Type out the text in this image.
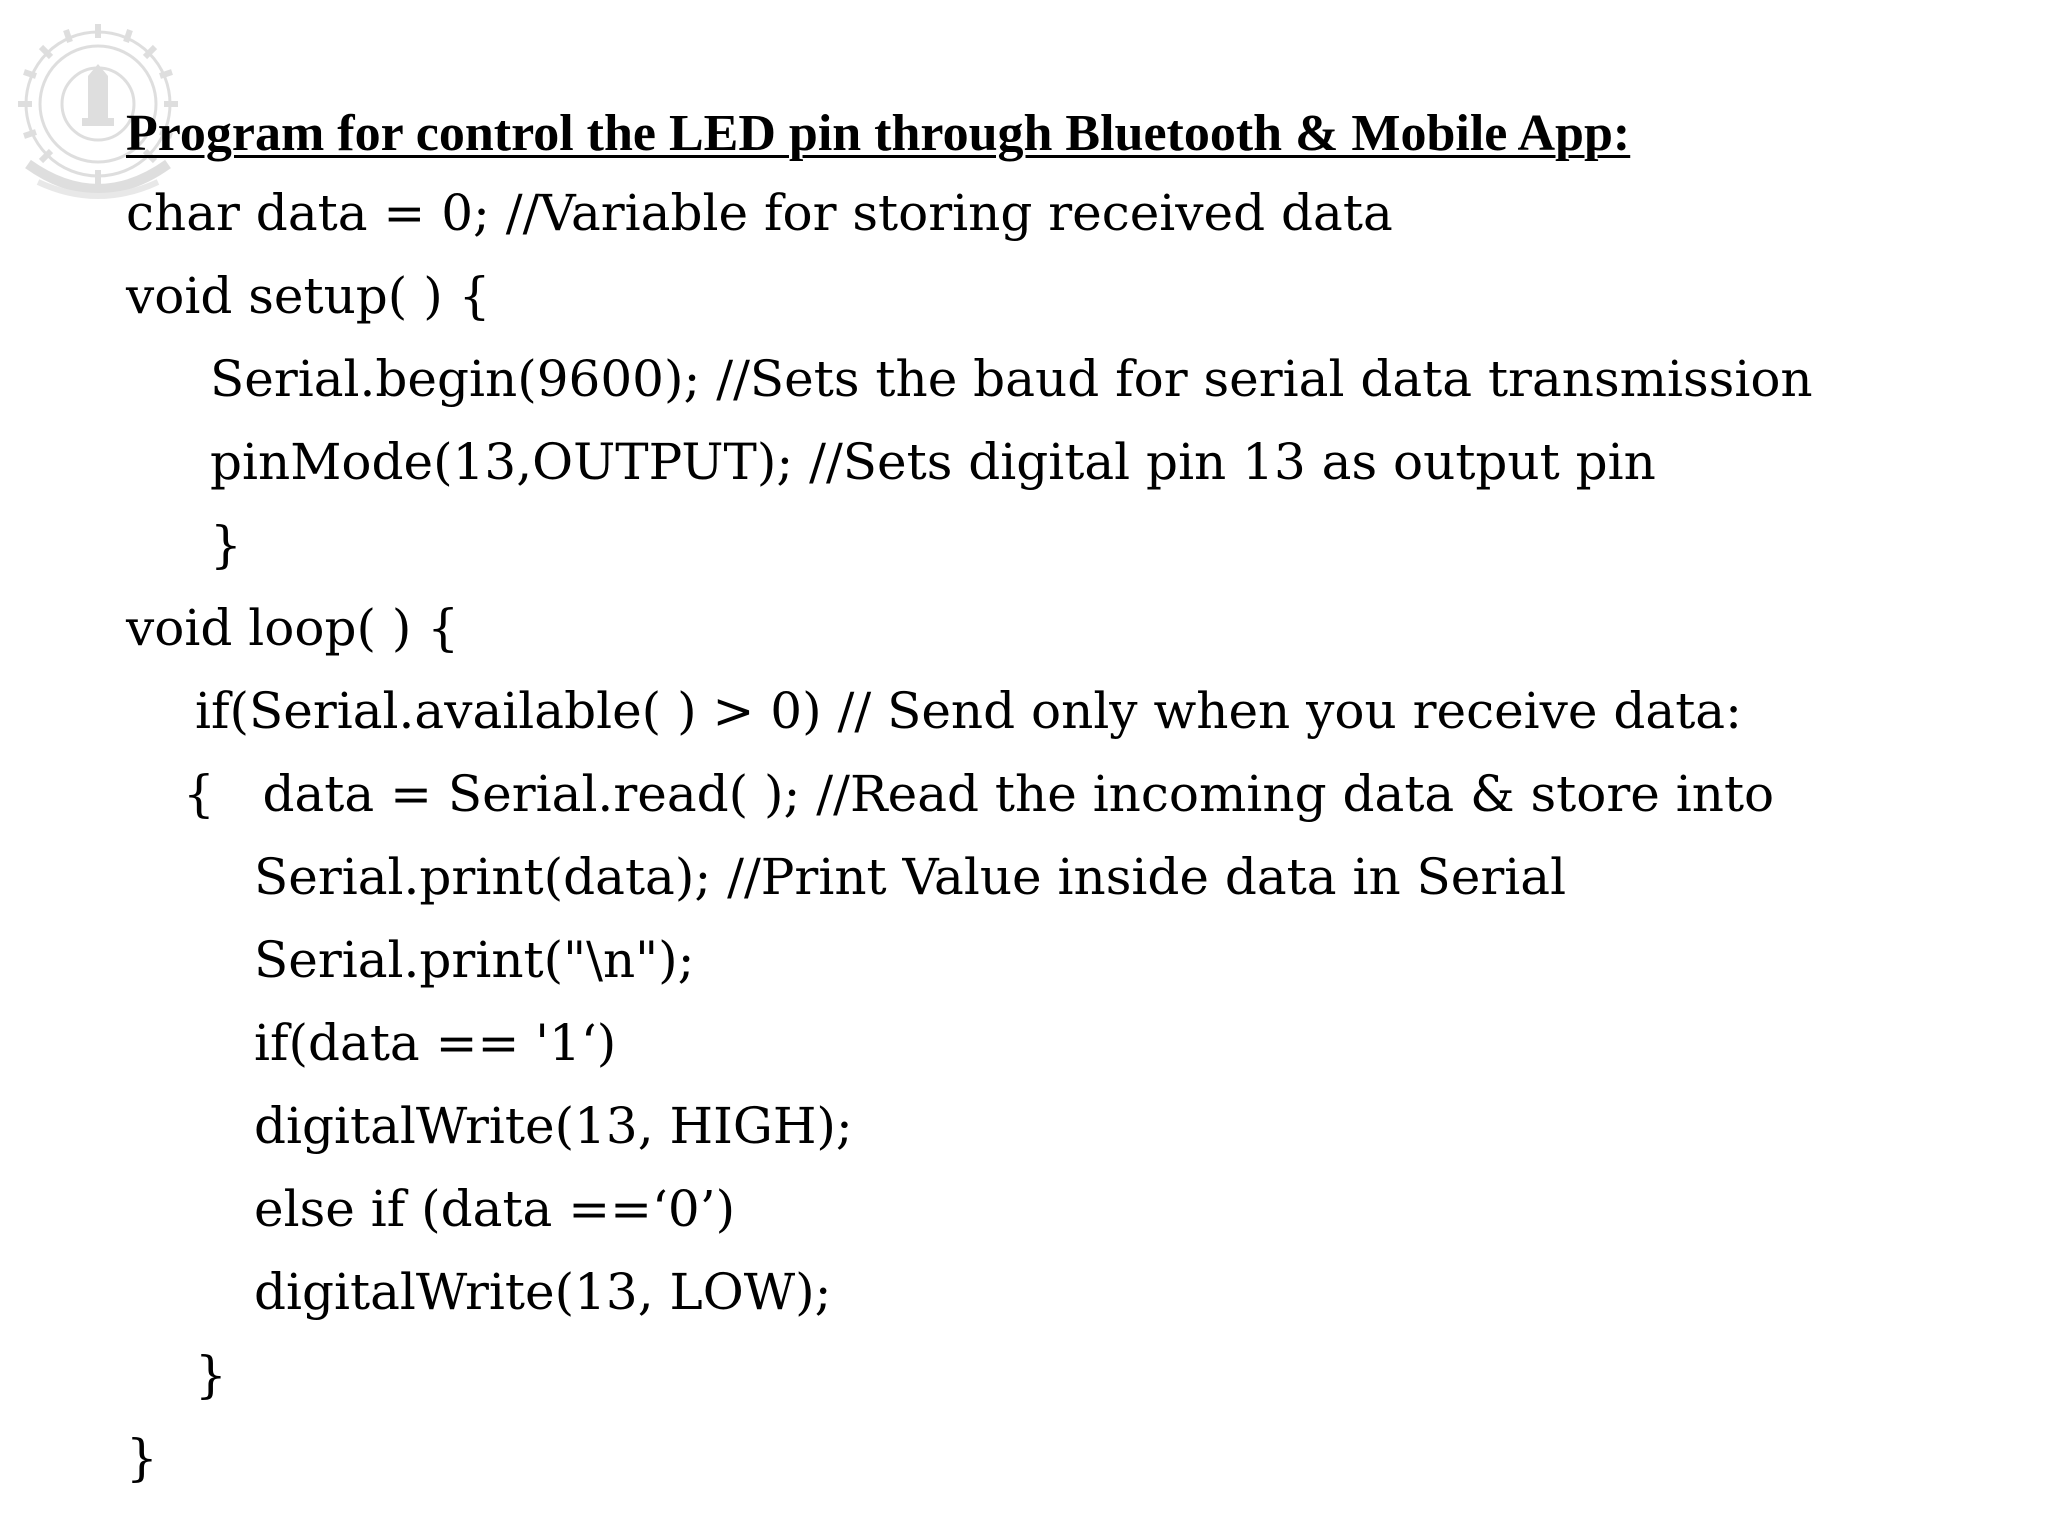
Program for control the LED pin through Bluetooth & Mobile App:

char data = 0; //Variable for storing received data

void setup( ) {

Serial.begin(9600); //Sets the baud for serial data transmission

pinMode(13,OUTPUT); //Sets digital pin 13 as output pin

}

void loop( ) {

if(Serial.available( ) > 0) // Send only when you receive data:

{   data = Serial.read( ); //Read the incoming data & store into

Serial.print(data); //Print Value inside data in Serial

Serial.print("\n");

if(data == '1‘)

digitalWrite(13, HIGH);

else if (data ==‘0’)

digitalWrite(13, LOW);

}

}
